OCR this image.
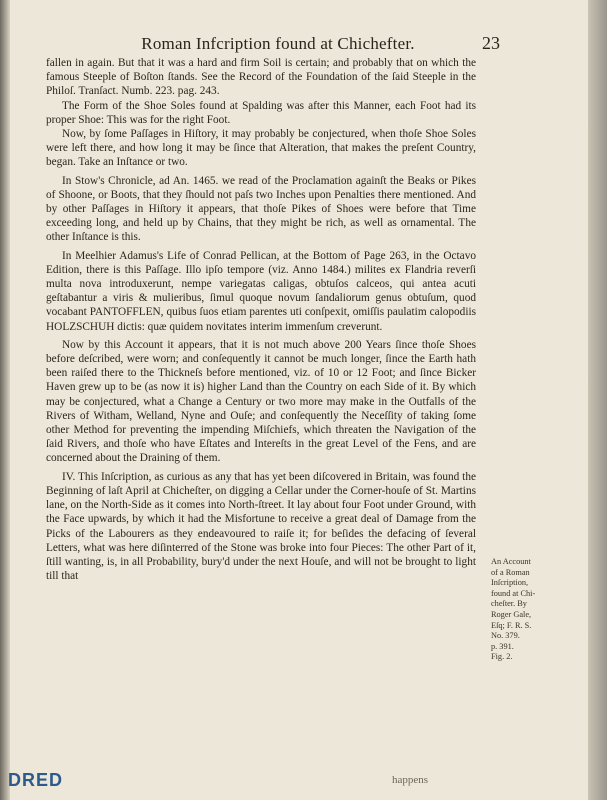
Roman Infcription found at Chichefter.	23

fallen in again. But that it was a hard and firm Soil is certain; and probably that on which the famous Steeple of Boſton ſtands. See the Record of the Foundation of the ſaid Steeple in the Philoſ. Tranſact. Numb. 223. pag. 243.

The Form of the Shoe Soles found at Spalding was after this Manner, each Foot had its proper Shoe: This was for the right Foot.

Now, by ſome Paſſages in Hiſtory, it may probably be conjectured, when thoſe Shoe Soles were left there, and how long it may be ſince that Alteration, that makes the preſent Country, began. Take an Inſtance or two.

In Stow's Chronicle, ad An. 1465. we read of the Proclamation againſt the Beaks or Pikes of Shoone, or Boots, that they ſhould not paſs two Inches upon Penalties there mentioned. And by other Paſſages in Hiſtory it appears, that thoſe Pikes of Shoes were before that Time exceeding long, and held up by Chains, that they might be rich, as well as ornamental. The other Inſtance is this.

In Meelhier Adamus's Life of Conrad Pellican, at the Bottom of Page 263, in the Octavo Edition, there is this Paſſage. Illo ipſo tempore (viz. Anno 1484.) milites ex Flandria reverſi multa nova introduxerunt, nempe variegatas caligas, obtuſos calceos, qui antea acuti geſtabantur a viris & mulieribus, ſimul quoque novum ſandaliorum genus obtuſum, quod vocabant PANTOFFLEN, quibus ſuos etiam parentes uti conſpexit, omiſſis paulatim calopodiis HOLZSCHUH dictis: quæ quidem novitates interim immenſum creverunt.

Now by this Account it appears, that it is not much above 200 Years ſince thoſe Shoes before deſcribed, were worn; and conſequently it cannot be much longer, ſince the Earth hath been raiſed there to the Thickneſs before mentioned, viz. of 10 or 12 Foot; and ſince Bicker Haven grew up to be (as now it is) higher Land than the Country on each Side of it. By which may be conjectured, what a Change a Century or two more may make in the Outfalls of the Rivers of Witham, Welland, Nyne and Ouſe; and conſequently the Neceſſity of taking ſome other Method for preventing the impending Miſchiefs, which threaten the Navigation of the ſaid Rivers, and thoſe who have Eſtates and Intereſts in the great Level of the Fens, and are concerned about the Draining of them.

IV. This Inſcription, as curious as any that has yet been diſcovered in Britain, was found the Beginning of laſt April at Chicheſter, on digging a Cellar under the Corner-houſe of St. Martins lane, on the North-Side as it comes into North-ſtreet. It lay about four Foot under Ground, with the Face upwards, by which it had the Misfortune to receive a great deal of Damage from the Picks of the Labourers as they endeavoured to raiſe it; for beſides the defacing of ſeveral Letters, what was here diſinterred of the Stone was broke into four Pieces: The other Part of it, ſtill wanting, is, in all Probability, bury'd under the next Houſe, and will not be brought to light till that

An Account

of a Roman

Inſcription,

found at Chi-

cheſter. By

Roger Gale,

Eſq; F. R. S.

No. 379.

p. 391.

Fig. 2.

happens
DRED
